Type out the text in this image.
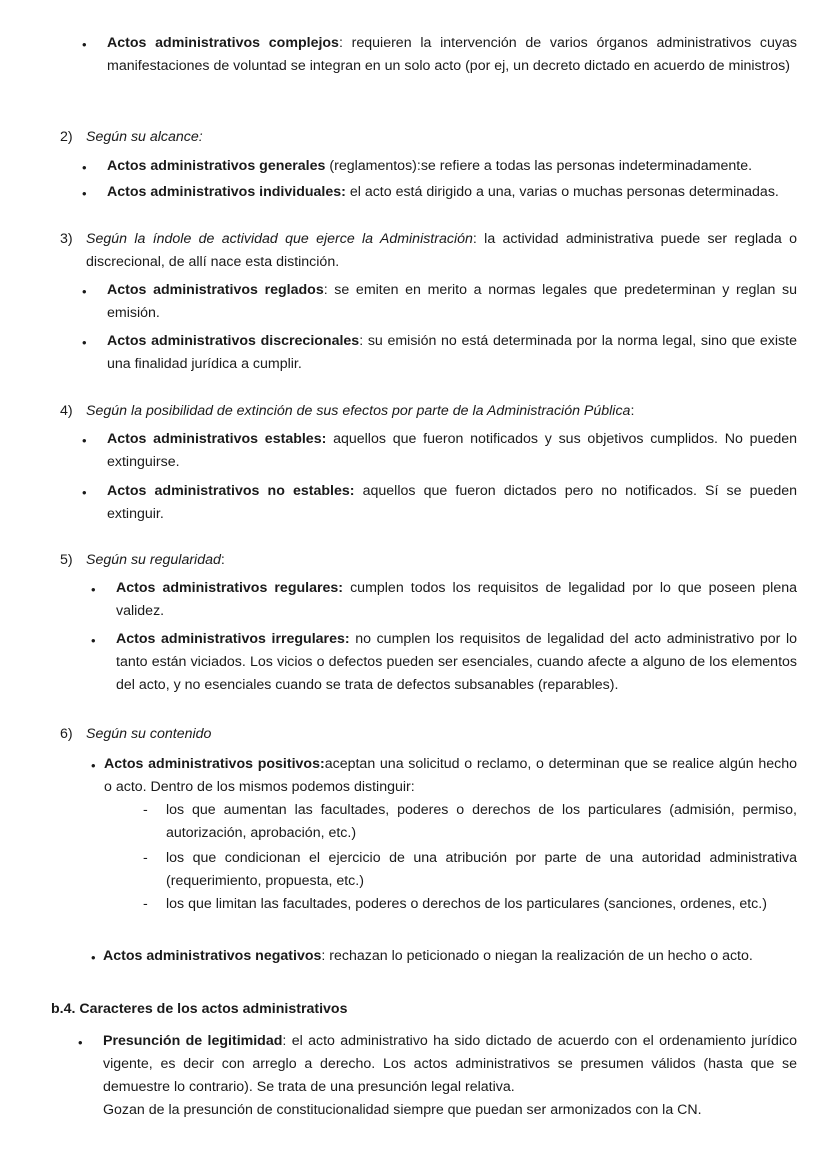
• Actos administrativos complejos: requieren la intervención de varios órganos administrativos cuyas manifestaciones de voluntad se integran en un solo acto (por ej, un decreto dictado en acuerdo de ministros)

2) Según su alcance:
• Actos administrativos generales (reglamentos):se refiere a todas las personas indeterminadamente.

• Actos administrativos individuales: el acto está dirigido a una, varias o muchas personas determinadas.

3) Según la índole de actividad que ejerce la Administración: la actividad administrativa puede ser reglada o discrecional, de allí nace esta distinción.

• Actos administrativos reglados: se emiten en merito a normas legales que predeterminan y reglan su emisión.

• Actos administrativos discrecionales: su emisión no está determinada por la norma legal, sino que existe una finalidad jurídica a cumplir.

4) Según la posibilidad de extinción de sus efectos por parte de la Administración Pública:

• Actos administrativos estables: aquellos que fueron notificados y sus objetivos cumplidos. No pueden extinguirse.

• Actos administrativos no estables: aquellos que fueron dictados pero no notificados. Sí se pueden extinguir.

5) Según su regularidad:

• Actos administrativos regulares: cumplen todos los requisitos de legalidad por lo que poseen plena validez.

• Actos administrativos irregulares: no cumplen los requisitos de legalidad del acto administrativo por lo tanto están viciados. Los vicios o defectos pueden ser esenciales, cuando afecte a alguno de los elementos del acto, y no esenciales cuando se trata de defectos subsanables (reparables).

6) Según su contenido
• Actos administrativos positivos:aceptan una solicitud o reclamo, o determinan que se realice algún hecho o acto. Dentro de los mismos podemos distinguir:

- los que aumentan las facultades, poderes o derechos de los particulares (admisión, permiso, autorización, aprobación, etc.)

- los que condicionan el ejercicio de una atribución por parte de una autoridad administrativa (requerimiento, propuesta, etc.)

- los que limitan las facultades, poderes o derechos de los particulares (sanciones, ordenes, etc.)

• Actos administrativos negativos: rechazan lo peticionado o niegan la realización de un hecho o acto.

b.4. Caracteres de los actos administrativos
• Presunción de legitimidad: el acto administrativo ha sido dictado de acuerdo con el ordenamiento jurídico vigente, es decir con arreglo a derecho. Los actos administrativos se presumen válidos (hasta que se demuestre lo contrario). Se trata de una presunción legal relativa.

Gozan de la presunción de constitucionalidad siempre que puedan ser armonizados con la CN.
